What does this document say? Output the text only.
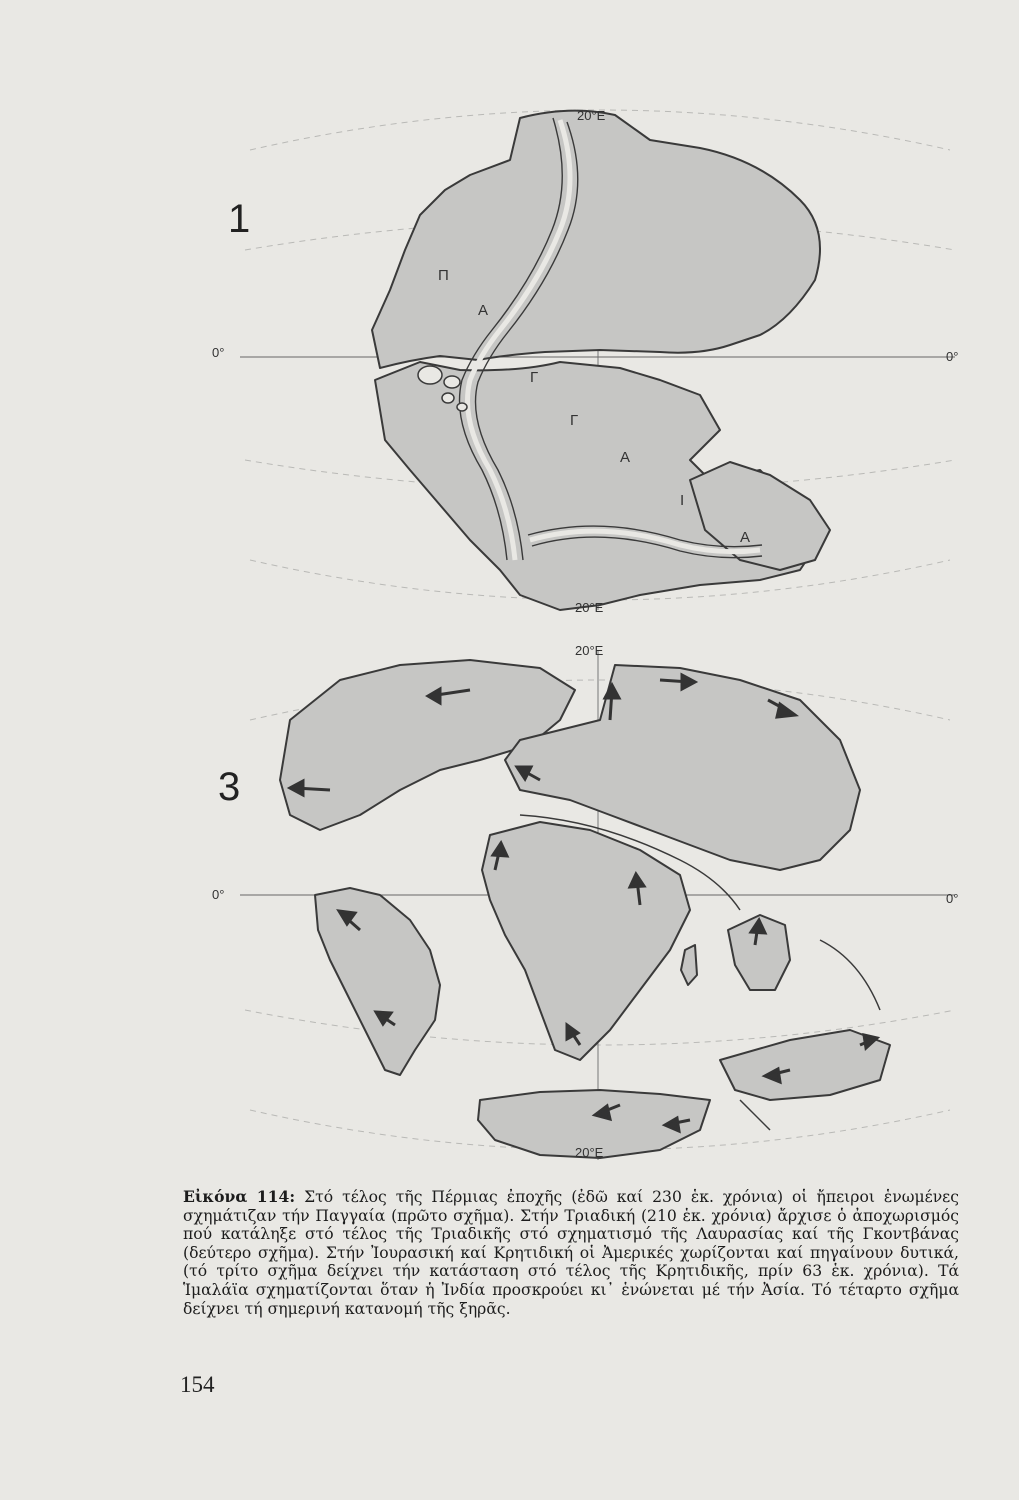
1
0°	0°
20°E
20°E
Π
Α
Γ
Γ
Α
Ι
Α
3
0°	0°
20°E
20°E
Εἰκόνα 114: Στό τέλος τῆς Πέρμιας ἐποχῆς (ἐδῶ καί 230 ἑκ. χρόνια) οἱ ἤπειροι ἑνωμένες σχημάτιζαν τήν Παγγαία (πρῶτο σχῆμα). Στήν Τριαδική (210 ἑκ. χρόνια) ἄρχισε ὁ ἀποχωρισμός πού κατάληξε στό τέλος τῆς Τριαδικῆς στό σχηματισμό τῆς Λαυρασίας καί τῆς Γκοντβάνας (δεύτερο σχῆμα). Στήν Ἰουρασική καί Κρητιδική οἱ Ἀμερικές χωρίζονται καί πηγαίνουν δυτικά, (τό τρίτο σχῆμα δείχνει τήν κατάσταση στό τέλος τῆς Κρητιδικῆς, πρίν 63 ἑκ. χρόνια). Τά Ἱμαλάϊα σχηματίζονται ὅταν ἡ Ἰνδία προσκρούει κι᾽ ἑνώνεται μέ τήν Ἀσία. Τό τέταρτο σχῆμα δείχνει τή σημερινή κατανομή τῆς ξηρᾶς.
154
